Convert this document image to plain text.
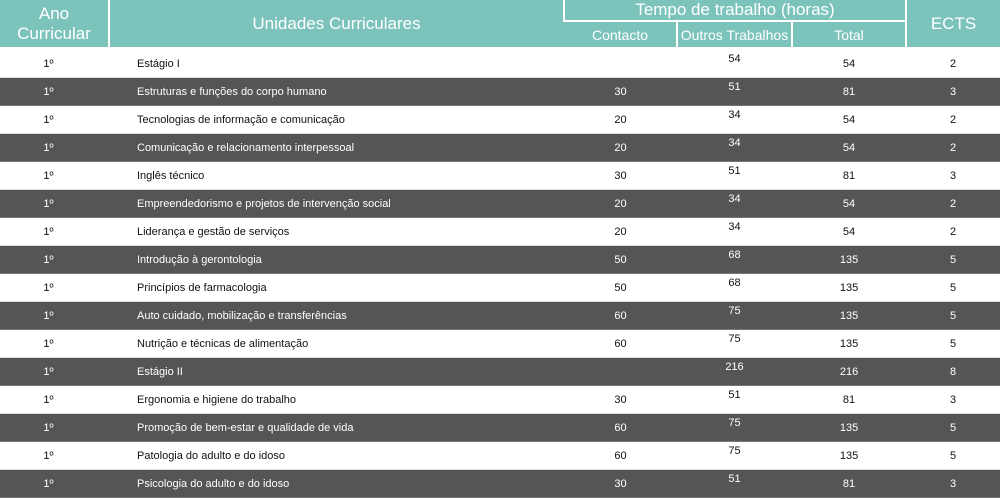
Ano
Curricular	Unidades Curriculares	Tempo de trabalho (horas)			ECTS
		Contacto	Outros Trabalhos	Total	

1º	Estágio I		54	54	2
1º	Estruturas e funções do corpo humano	30	51	81	3
1º	Tecnologias de informação e comunicação	20	34	54	2
1º	Comunicação e relacionamento interpessoal	20	34	54	2
1º	Inglês técnico	30	51	81	3
1º	Empreendedorismo e projetos de intervenção social	20	34	54	2
1º	Liderança e gestão de serviços	20	34	54	2
1º	Introdução à gerontologia	50	68	135	5
1º	Princípios de farmacologia	50	68	135	5
1º	Auto cuidado, mobilização e transferências	60	75	135	5
1º	Nutrição e técnicas de alimentação	60	75	135	5
1º	Estágio II		216	216	8
1º	Ergonomia e higiene do trabalho	30	51	81	3
1º	Promoção de bem-estar e qualidade de vida	60	75	135	5
1º	Patologia do adulto e do idoso	60	75	135	5
1º	Psicologia do adulto e do idoso	30	51	81	3
